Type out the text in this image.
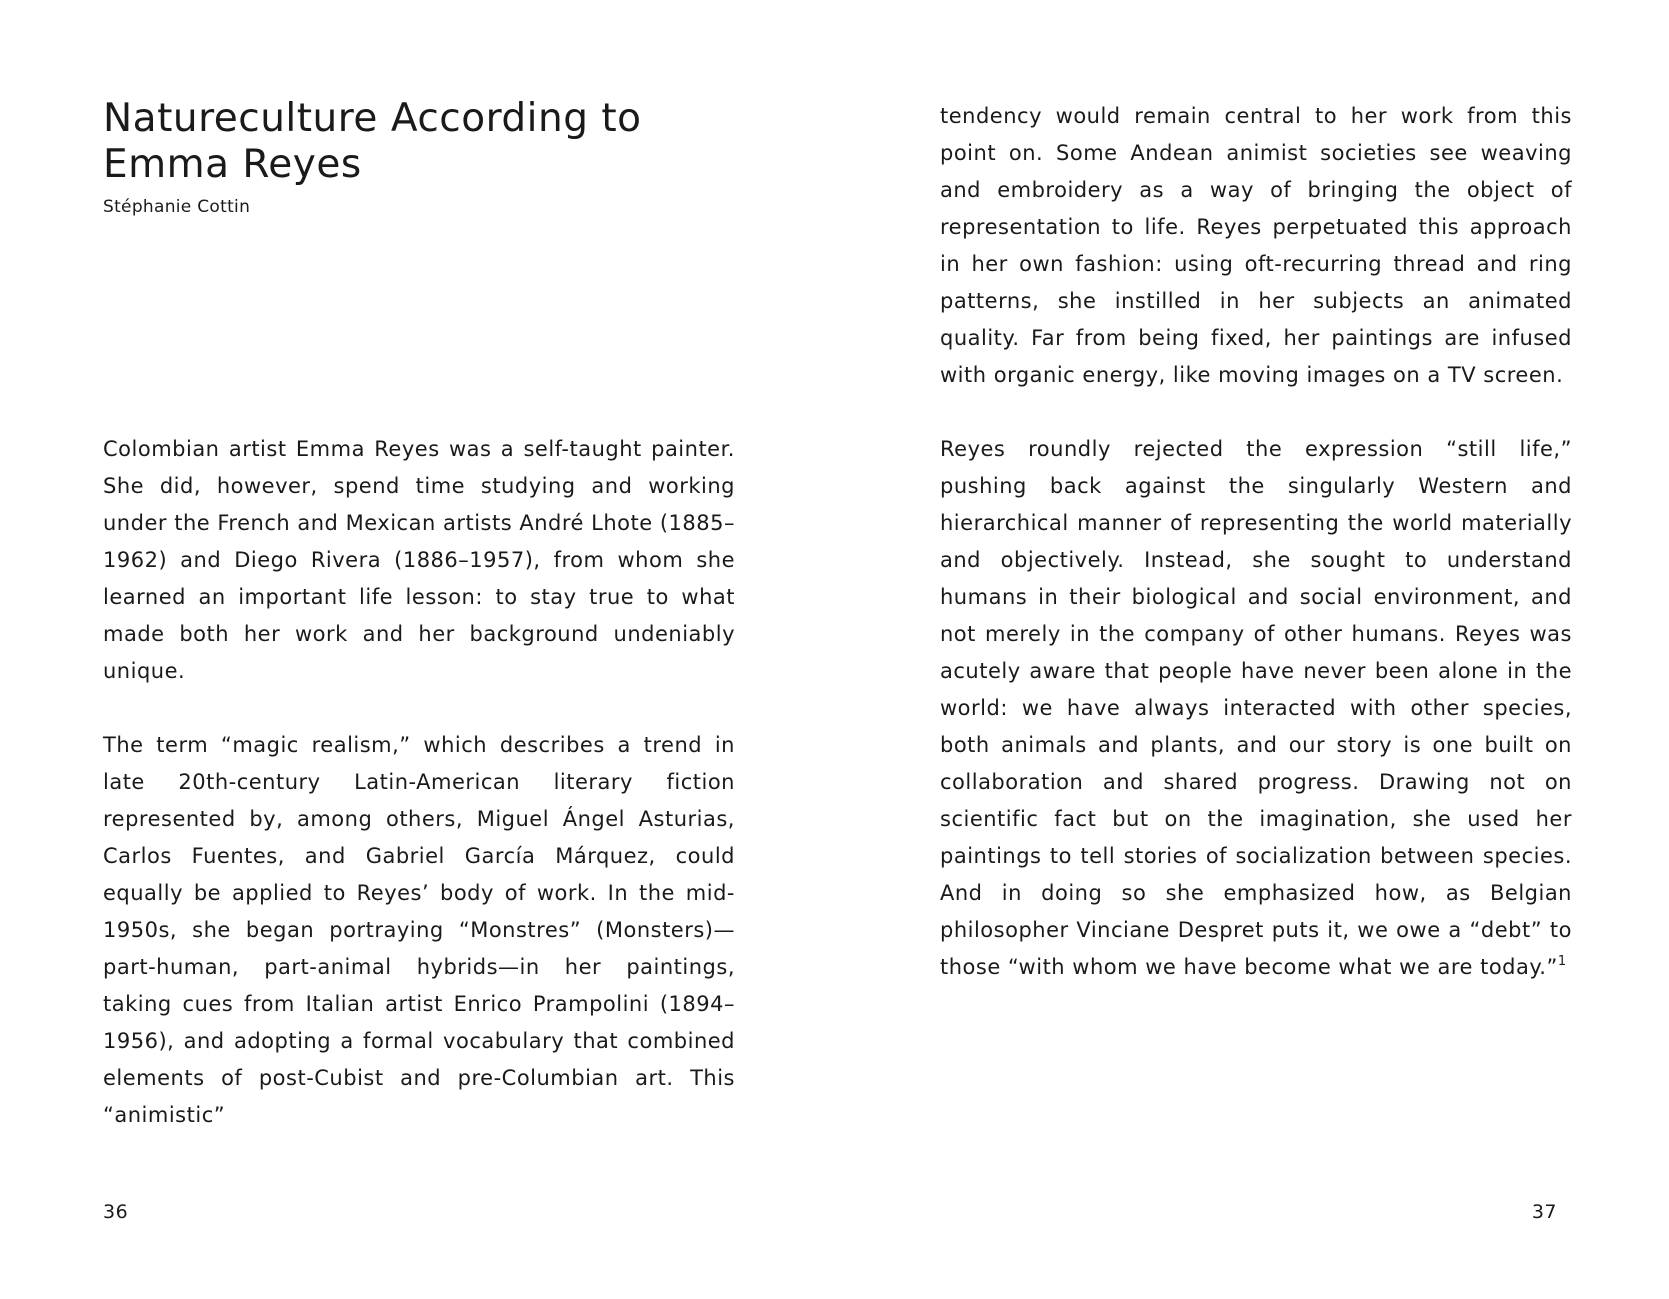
Natureculture According to Emma Reyes

Stéphanie Cottin

Colombian artist Emma Reyes was a self-taught painter. She did, however, spend time studying and working under the French and Mexican artists André Lhote (1885–1962) and Diego Rivera (1886–1957), from whom she learned an important life lesson: to stay true to what made both her work and her background undeniably unique.

The term “magic realism,” which describes a trend in late 20th-century Latin-American literary fiction represented by, among others, Miguel Ángel Asturias, Carlos Fuentes, and Gabriel García Márquez, could equally be applied to Reyes’ body of work. In the mid-1950s, she began portraying “Monstres” (Monsters)—part-human, part-animal hybrids—in her paintings, taking cues from Italian artist Enrico Prampolini (1894–1956), and adopting a formal vocabulary that combined elements of post-Cubist and pre-Columbian art. This “animistic”

36

tendency would remain central to her work from this point on. Some Andean animist societies see weaving and embroidery as a way of bringing the object of representation to life. Reyes perpetuated this approach in her own fashion: using oft-recurring thread and ring patterns, she instilled in her subjects an animated quality. Far from being fixed, her paintings are infused with organic energy, like moving images on a TV screen.

Reyes roundly rejected the expression “still life,” pushing back against the singularly Western and hierarchical manner of representing the world materially and objectively. Instead, she sought to understand humans in their biological and social environment, and not merely in the company of other humans. Reyes was acutely aware that people have never been alone in the world: we have always interacted with other species, both animals and plants, and our story is one built on collaboration and shared progress. Drawing not on scientific fact but on the imagination, she used her paintings to tell stories of socialization between species. And in doing so she emphasized how, as Belgian philosopher Vinciane Despret puts it, we owe a “debt” to those “with whom we have become what we are today.”$^1$

37
